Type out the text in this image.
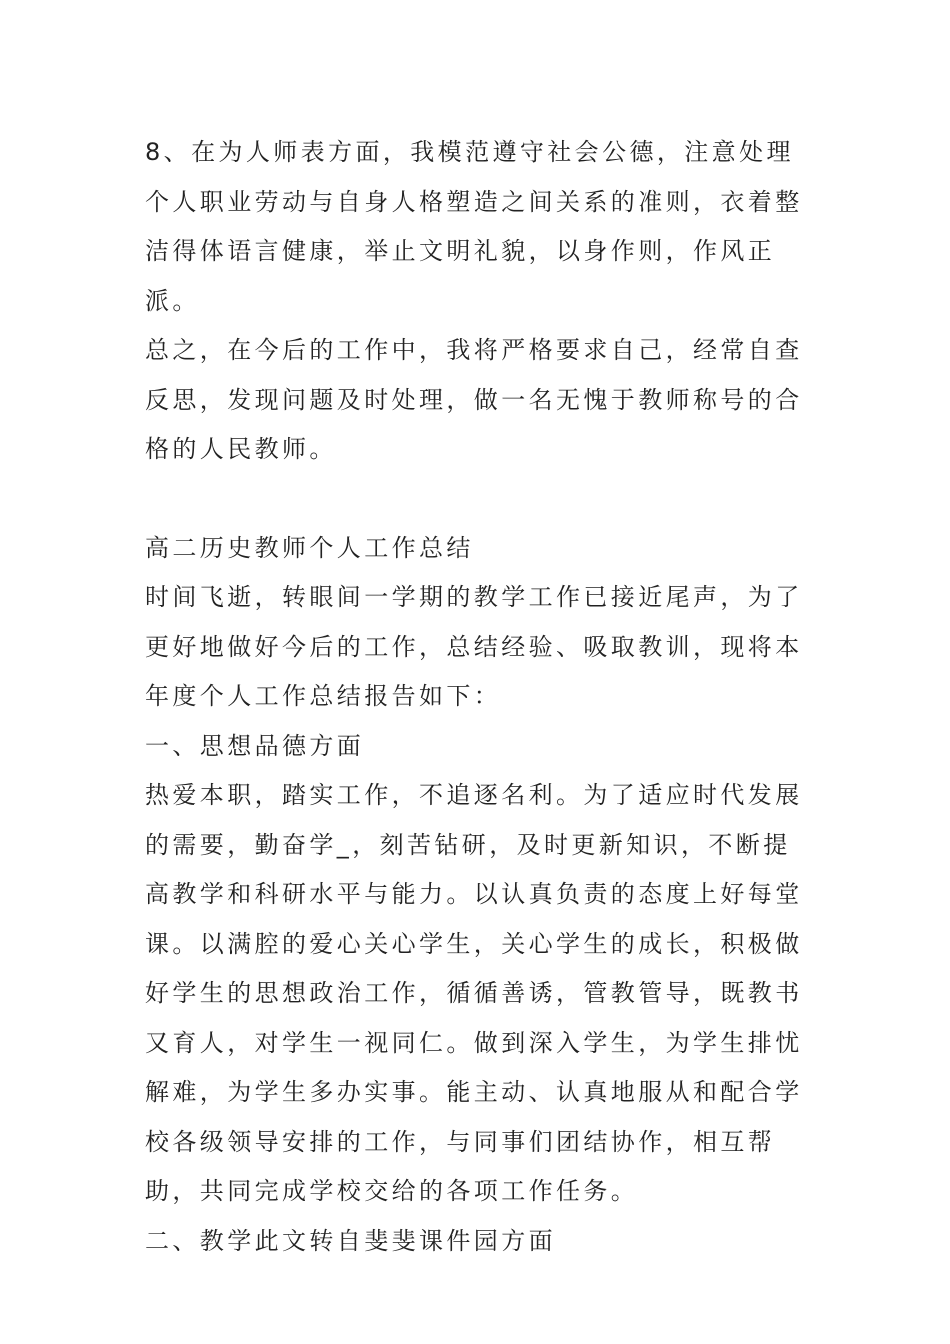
8、在为人师表方面，我模范遵守社会公德，注意处理个人职业劳动与自身人格塑造之间关系的准则，衣着整洁得体语言健康，举止文明礼貌，以身作则，作风正派。

总之，在今后的工作中，我将严格要求自己，经常自查反思，发现问题及时处理，做一名无愧于教师称号的合格的人民教师。

高二历史教师个人工作总结

时间飞逝，转眼间一学期的教学工作已接近尾声，为了更好地做好今后的工作，总结经验、吸取教训，现将本年度个人工作总结报告如下：

一、思想品德方面

热爱本职，踏实工作，不追逐名利。为了适应时代发展的需要，勤奋学_，刻苦钻研，及时更新知识，不断提高教学和科研水平与能力。以认真负责的态度上好每堂课。以满腔的爱心关心学生，关心学生的成长，积极做好学生的思想政治工作，循循善诱，管教管导，既教书又育人，对学生一视同仁。做到深入学生，为学生排忧解难，为学生多办实事。能主动、认真地服从和配合学校各级领导安排的工作，与同事们团结协作，相互帮助，共同完成学校交给的各项工作任务。

二、教学此文转自斐斐课件园方面
